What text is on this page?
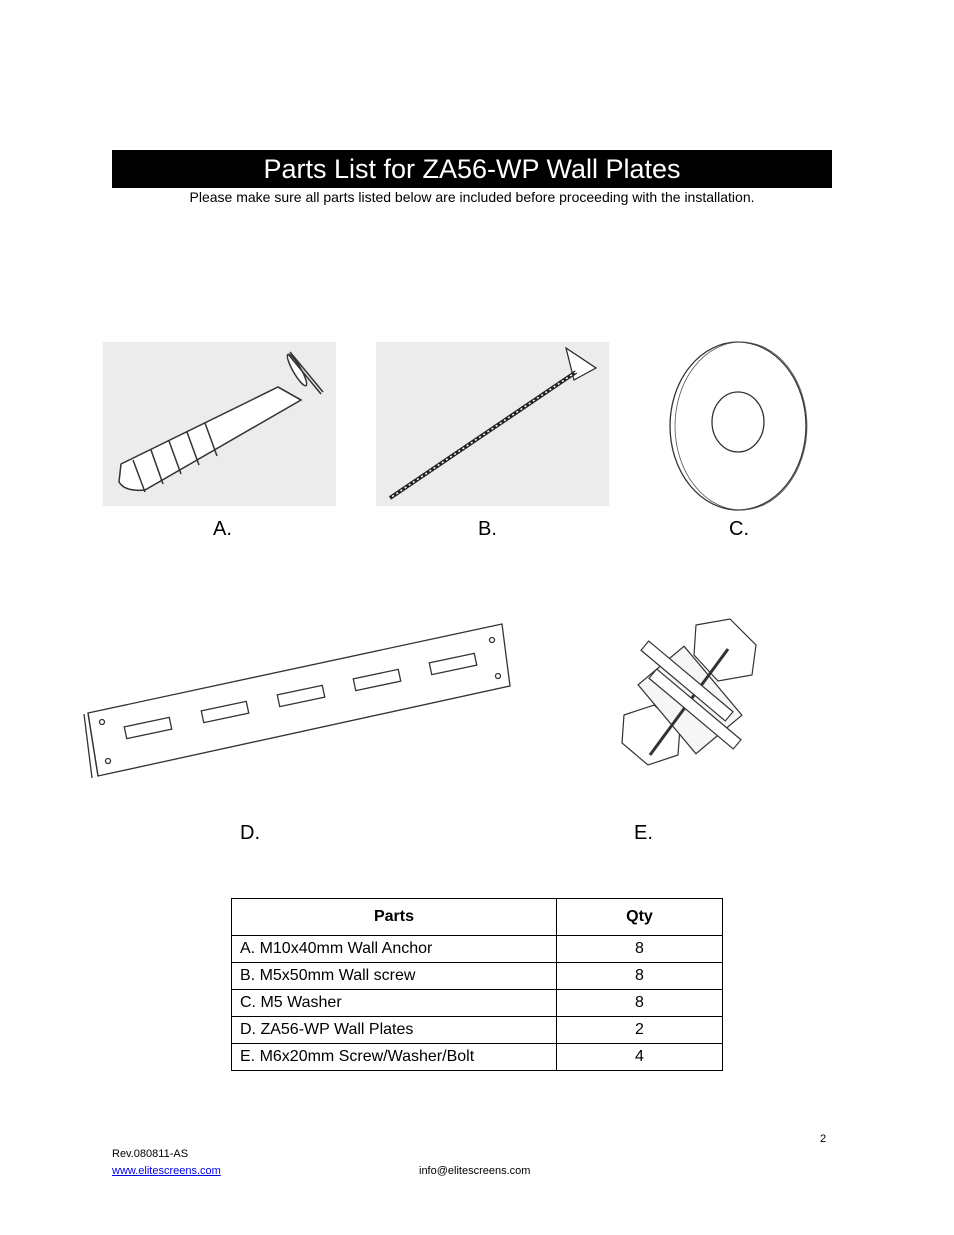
Parts List for ZA56-WP Wall Plates
Please make sure all parts listed below are included before proceeding with the installation.
A.	B.	C.
D.	E.
Parts	Qty
A. M10x40mm Wall Anchor	8
B. M5x50mm Wall screw	8
C. M5 Washer	8
D. ZA56-WP Wall Plates	2
E. M6x20mm Screw/Washer/Bolt	4
2
Rev.080811-AS
www.elitescreens.com	info@elitescreens.com
